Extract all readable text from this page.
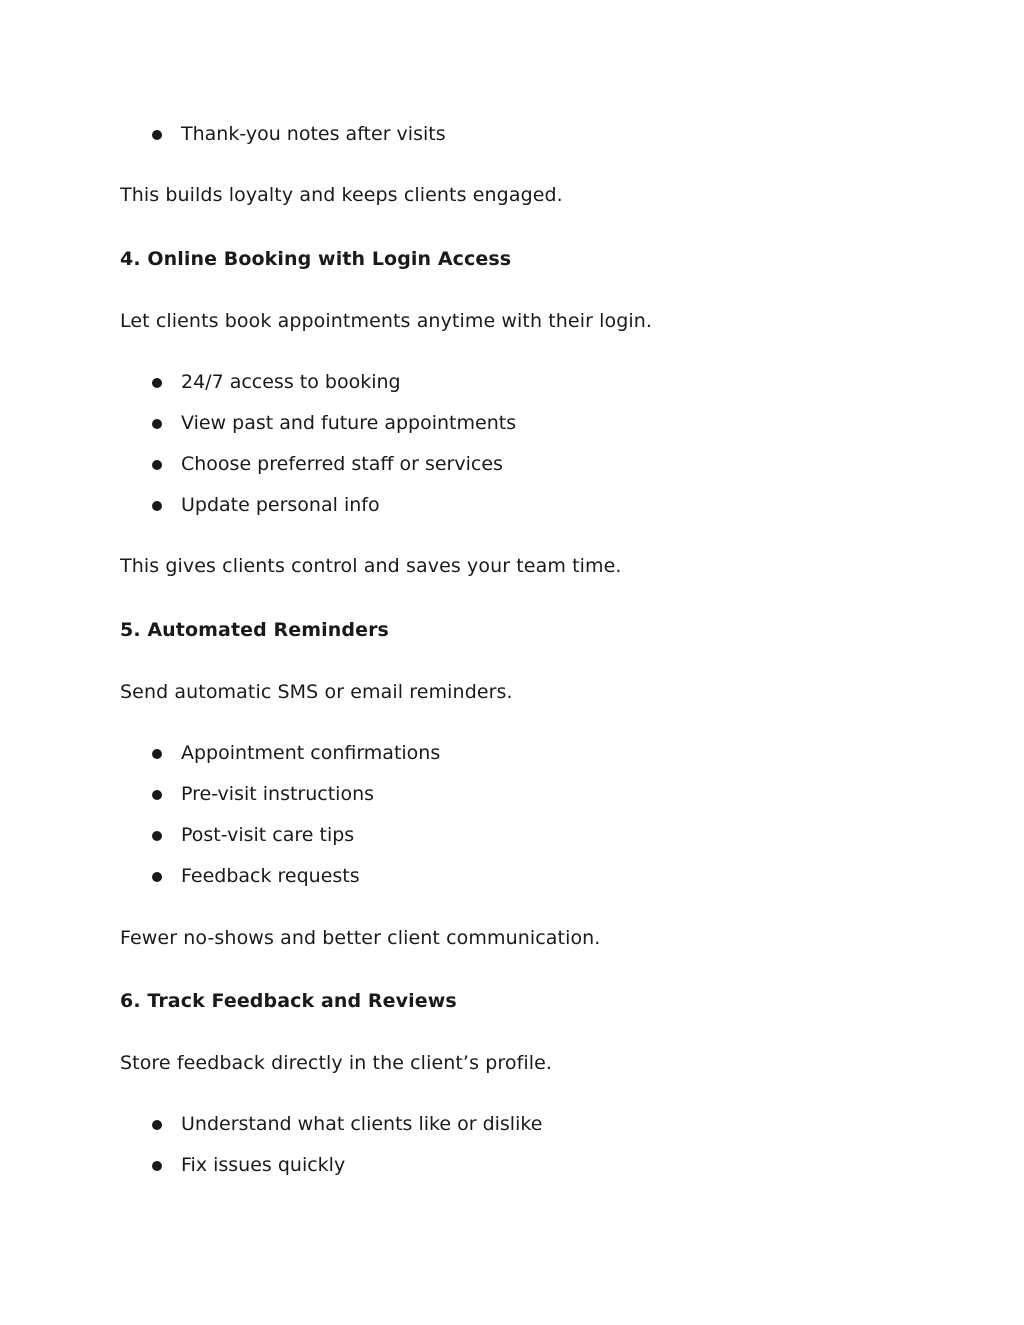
Thank-you notes after visits
This builds loyalty and keeps clients engaged.
4. Online Booking with Login Access
Let clients book appointments anytime with their login.
24/7 access to booking
View past and future appointments
Choose preferred staff or services
Update personal info
This gives clients control and saves your team time.
5. Automated Reminders
Send automatic SMS or email reminders.
Appointment confirmations
Pre-visit instructions
Post-visit care tips
Feedback requests
Fewer no-shows and better client communication.
6. Track Feedback and Reviews
Store feedback directly in the client’s profile.
Understand what clients like or dislike
Fix issues quickly
